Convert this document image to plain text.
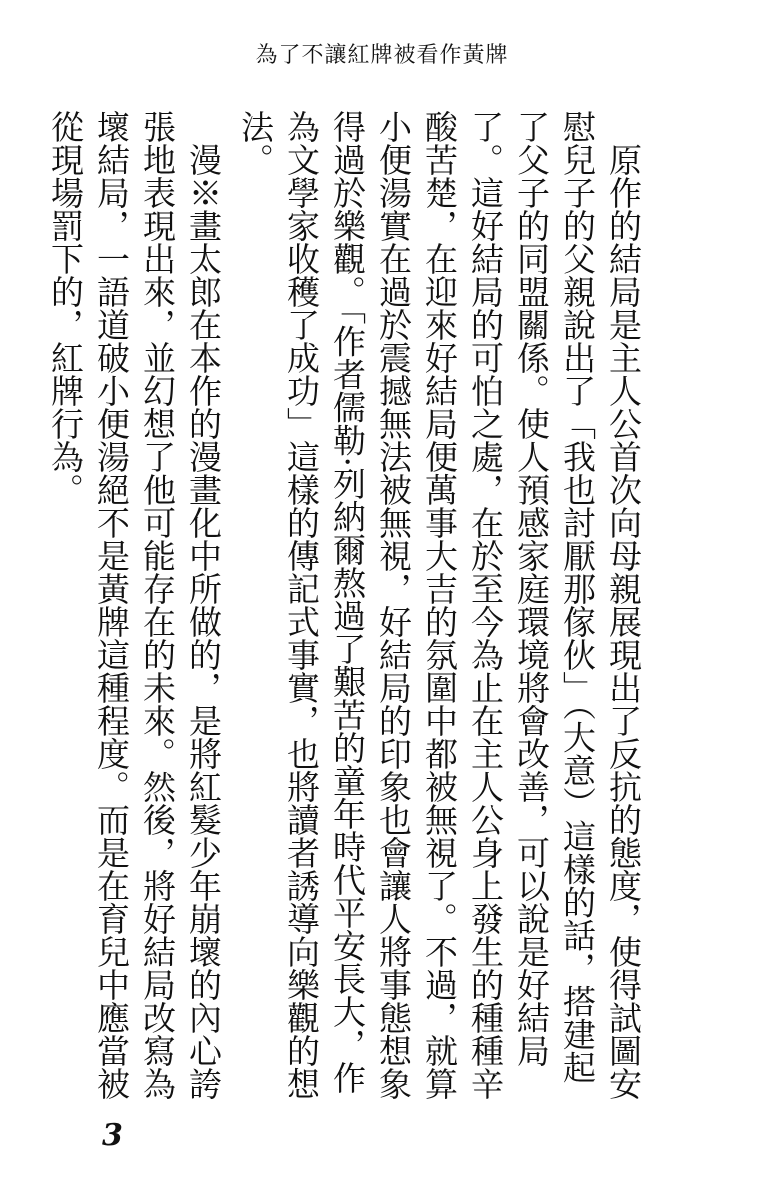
為了不讓紅牌被看作黃牌

原作的結局是主人公首次向母親展現出了反抗的態度，使得試圖安慰兒子的父親說出了「我也討厭那傢伙」（大意）這樣的話，搭建起了父子的同盟關係。使人預感家庭環境將會改善，可以說是好結局了。這好結局的可怕之處，在於至今為止在主人公身上發生的種種辛酸苦楚，在迎來好結局便萬事大吉的氛圍中都被無視了。不過，就算小便湯實在過於震撼無法被無視，好結局的印象也會讓人將事態想象得過於樂觀。「作者儒勒·列納爾熬過了艱苦的童年時代平安長大，作為文學家收穫了成功」這樣的傳記式事實，也將讀者誘導向樂觀的想法。

漫※畫太郎在本作的漫畫化中所做的，是將紅髮少年崩壞的內心誇張地表現出來，並幻想了他可能存在的未來。然後，將好結局改寫為壞結局，一語道破小便湯絕不是黃牌這種程度。而是在育兒中應當被從現場罰下的，紅牌行為。

3
